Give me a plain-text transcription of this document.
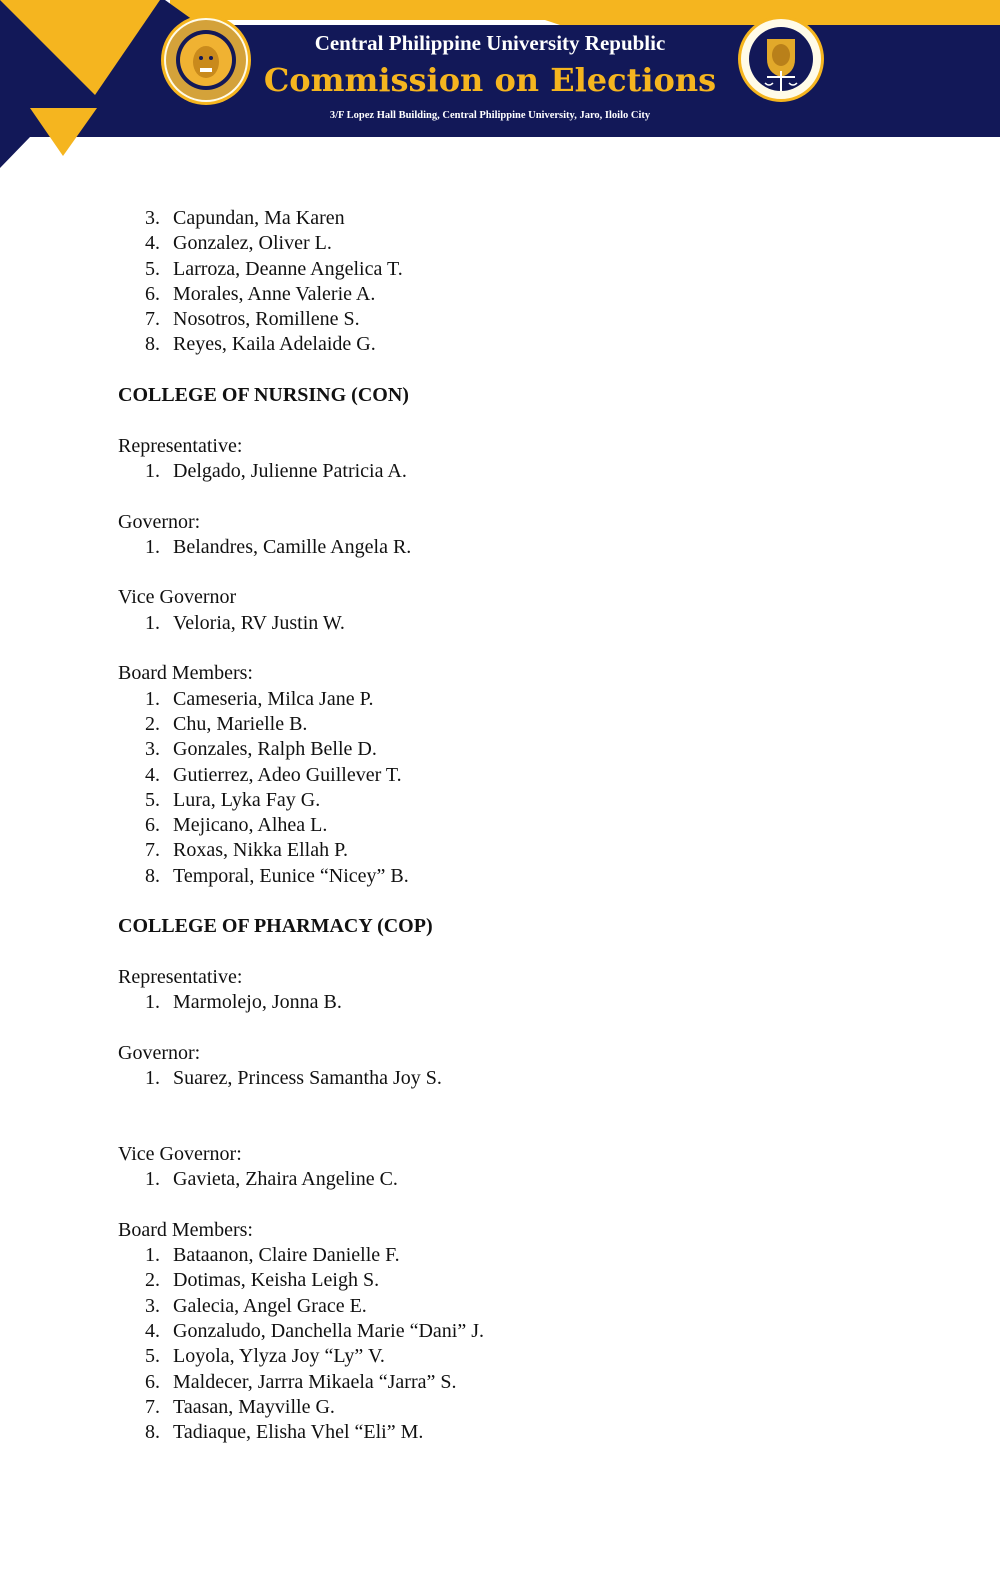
Central Philippine University Republic
Commission on Elections
3/F Lopez Hall Building, Central Philippine University, Jaro, Iloilo City
3. Capundan, Ma Karen
4. Gonzalez, Oliver L.
5. Larroza, Deanne Angelica T.
6. Morales, Anne Valerie A.
7. Nosotros, Romillene S.
8. Reyes, Kaila Adelaide G.
COLLEGE OF NURSING (CON)
Representative:
1. Delgado, Julienne Patricia A.
Governor:
1. Belandres, Camille Angela R.
Vice Governor
1. Veloria, RV Justin W.
Board Members:
1. Cameseria, Milca Jane P.
2. Chu, Marielle B.
3. Gonzales, Ralph Belle D.
4. Gutierrez, Adeo Guillever T.
5. Lura, Lyka Fay G.
6. Mejicano, Alhea L.
7. Roxas, Nikka Ellah P.
8. Temporal, Eunice “Nicey” B.
COLLEGE OF PHARMACY (COP)
Representative:
1. Marmolejo, Jonna B.
Governor:
1. Suarez, Princess Samantha Joy S.
Vice Governor:
1. Gavieta, Zhaira Angeline C.
Board Members:
1. Bataanon, Claire Danielle F.
2. Dotimas, Keisha Leigh S.
3. Galecia, Angel Grace E.
4. Gonzaludo, Danchella Marie “Dani” J.
5. Loyola, Ylyza Joy “Ly” V.
6. Maldecer, Jarrra Mikaela “Jarra” S.
7. Taasan, Mayville G.
8. Tadiaque, Elisha Vhel “Eli” M.
